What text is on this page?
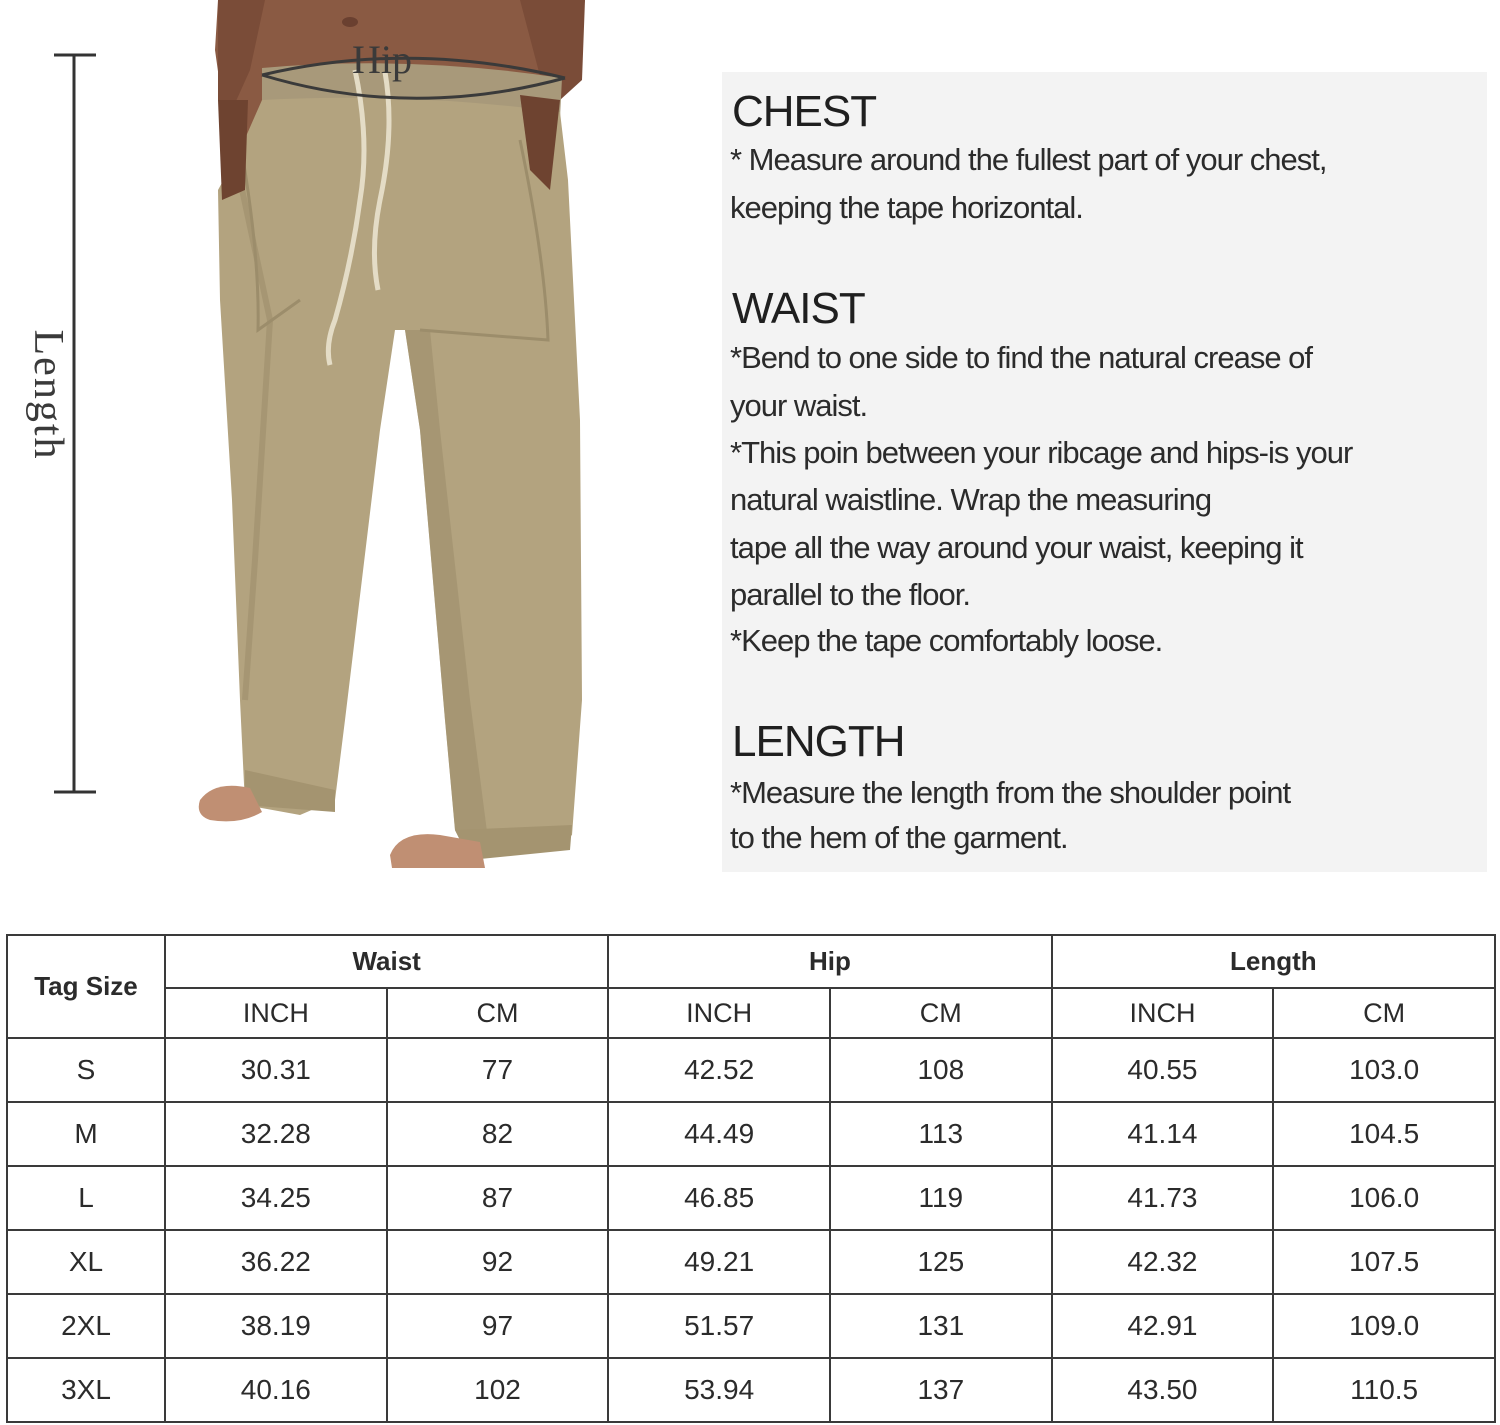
Hip
Length
CHEST
* Measure around the fullest part of your chest,
keeping the tape horizontal.
WAIST
*Bend to one side to find the natural crease of
your waist.
*This poin between your ribcage and hips-is your
natural waistline. Wrap the measuring
tape all the way around your waist, keeping it
parallel to the floor.
*Keep the tape comfortably loose.
LENGTH
*Measure the length from the shoulder point
to the hem of the garment.
Tag Size	Waist		Hip		Length	
	INCH	CM	INCH	CM	INCH	CM
S	30.31	77	42.52	108	40.55	103.0
M	32.28	82	44.49	113	41.14	104.5
L	34.25	87	46.85	119	41.73	106.0
XL	36.22	92	49.21	125	42.32	107.5
2XL	38.19	97	51.57	131	42.91	109.0
3XL	40.16	102	53.94	137	43.50	110.5
